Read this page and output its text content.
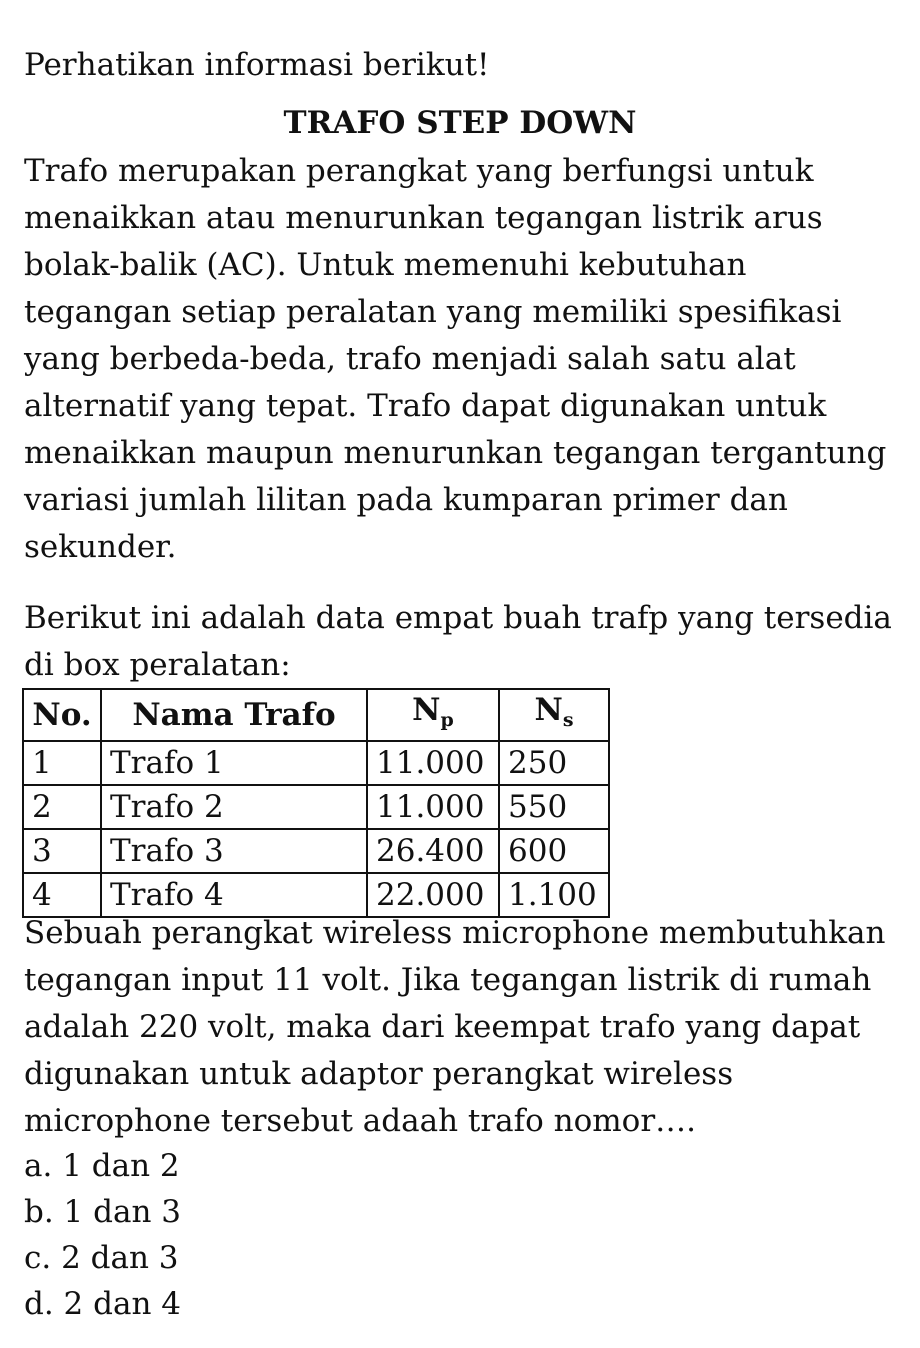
Perhatikan informasi berikut!
TRAFO STEP DOWN
Trafo merupakan perangkat yang berfungsi untuk
menaikkan atau menurunkan tegangan listrik arus
bolak-balik (AC). Untuk memenuhi kebutuhan
tegangan setiap peralatan yang memiliki spesifikasi
yang berbeda-beda, trafo menjadi salah satu alat
alternatif yang tepat. Trafo dapat digunakan untuk
menaikkan maupun menurunkan tegangan tergantung
variasi jumlah lilitan pada kumparan primer dan
sekunder.
Berikut ini adalah data empat buah trafp yang tersedia
di box peralatan:
No.	Nama Trafo	$N_p$	$N_s$
1	Trafo 1	11.000	250
2	Trafo 2	11.000	550
3	Trafo 3	26.400	600
4	Trafo 4	22.000	1.100
Sebuah perangkat wireless microphone membutuhkan
tegangan input 11 volt. Jika tegangan listrik di rumah
adalah 220 volt, maka dari keempat trafo yang dapat
digunakan untuk adaptor perangkat wireless
microphone tersebut adaah trafo nomor….
a. 1 dan 2
b. 1 dan 3
c. 2 dan 3
d. 2 dan 4
